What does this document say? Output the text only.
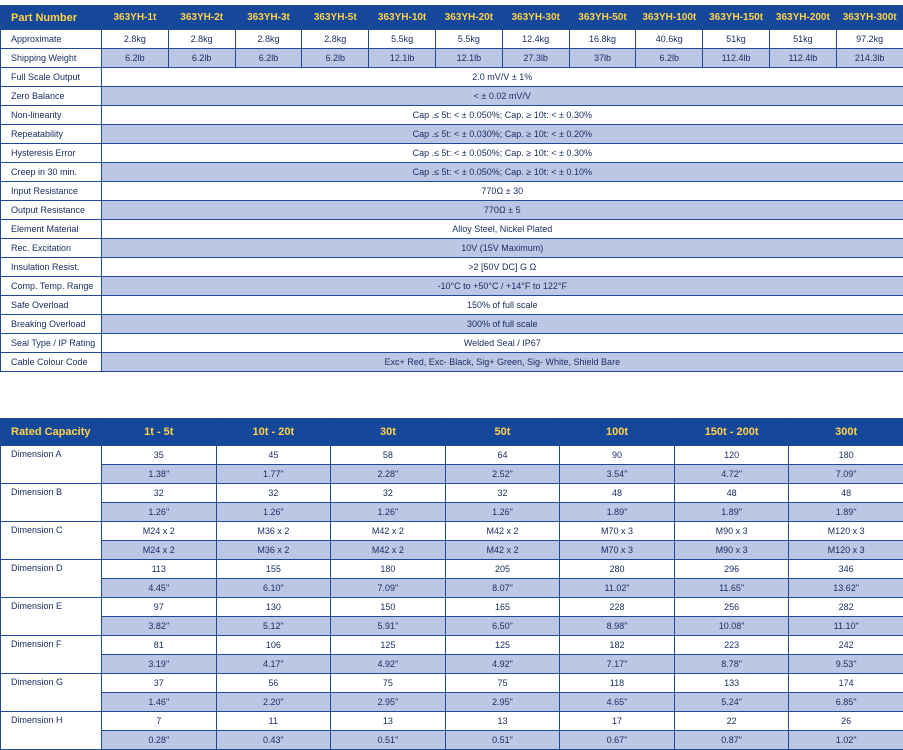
Part Number	363YH-1t	363YH-2t	363YH-3t	363YH-5t	363YH-10t	363YH-20t	363YH-30t	363YH-50t	363YH-100t	363YH-150t	363YH-200t	363YH-300t
Approximate	2.8kg	2.8kg	2.8kg	2.8kg	5.5kg	5.5kg	12.4kg	16.8kg	40.6kg	51kg	51kg	97.2kg
Shipping Weight	6.2lb	6.2lb	6.2lb	6.2lb	12.1lb	12.1lb	27.3lb	37lb	6.2lb	112.4lb	112.4lb	214.3lb
Full Scale Output	2.0 mV/V ± 1%											
Zero Balance	< ± 0.02 mV/V											
Non-linearity	Cap .≤ 5t: < ± 0.050%; Cap. ≥ 10t: < ± 0.30%											
Repeatability	Cap .≤ 5t: < ± 0.030%; Cap. ≥ 10t: < ± 0.20%											
Hysteresis Error	Cap .≤ 5t: < ± 0.050%; Cap. ≥ 10t: < ± 0.30%											
Creep in 30 min.	Cap .≤ 5t: < ± 0.050%; Cap. ≥ 10t: < ± 0.10%											
Input Resistance	770Ω ± 30											
Output Resistance	770Ω ± 5											
Element Material	Alloy Steel, Nickel Plated											
Rec. Excitation	10V (15V Maximum)											
Insulation Resist.	>2 [50V DC] G Ω											
Comp. Temp. Range	-10°C to +50°C / +14°F to 122°F											
Safe Overload	150% of full scale											
Breaking Overload	300% of full scale											
Seal Type / IP Rating	Welded Seal / IP67											
Cable Colour Code	Exc+ Red, Exc- Black, Sig+ Green, Sig- White, Shield Bare											
Rated Capacity	1t - 5t	10t - 20t	30t	50t	100t	150t - 200t	300t
Dimension A	35	45	58	64	90	120	180
	1.38"	1.77"	2.28"	2.52"	3.54"	4.72"	7.09"
Dimension B	32	32	32	32	48	48	48
	1.26"	1.26"	1.26"	1.26"	1.89"	1.89"	1.89"
Dimension C	M24 x 2	M36 x 2	M42 x 2	M42 x 2	M70 x 3	M90 x 3	M120 x 3
	M24 x 2	M36 x 2	M42 x 2	M42 x 2	M70 x 3	M90 x 3	M120 x 3
Dimension D	113	155	180	205	280	296	346
	4.45"	6.10"	7.09"	8.07"	11.02"	11.65"	13.62"
Dimension E	97	130	150	165	228	256	282
	3.82"	5.12"	5.91"	6.50"	8.98"	10.08"	11.10"
Dimension F	81	106	125	125	182	223	242
	3.19"	4.17"	4.92"	4.92"	7.17"	8.78"	9.53"
Dimension G	37	56	75	75	118	133	174
	1.46"	2.20"	2.95"	2.95"	4.65"	5.24"	6.85"
Dimension H	7	11	13	13	17	22	26
	0.28"	0.43"	0.51"	0.51"	0.67"	0.87"	1.02"
